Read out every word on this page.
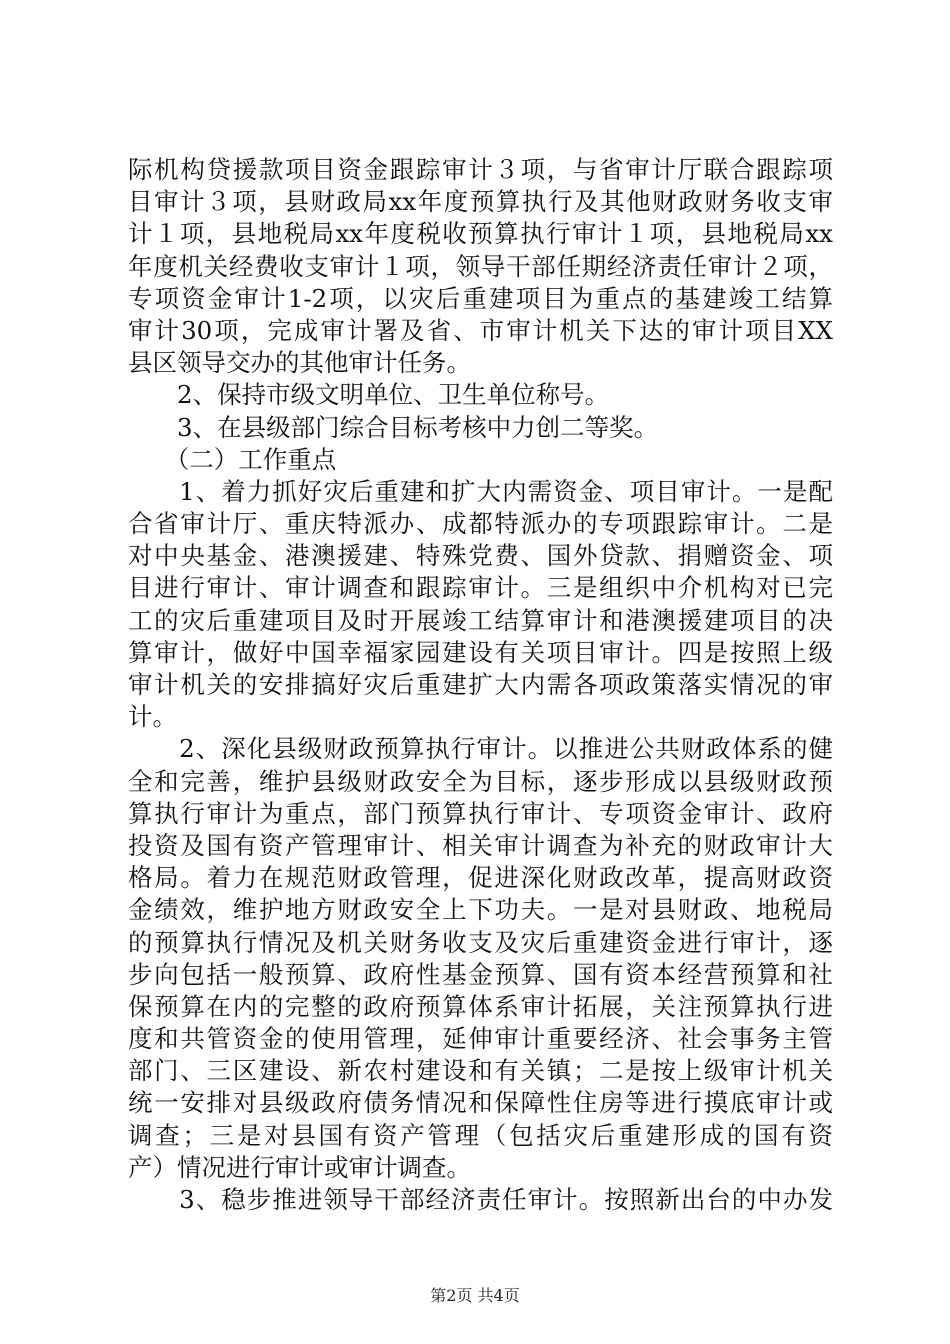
际机构贷援款项目资金跟踪审计３项，与省审计厅联合跟踪项
目审计３项，县财政局xx年度预算执行及其他财政财务收支审
计１项，县地税局xx年度税收预算执行审计１项，县地税局xx
年度机关经费收支审计１项，领导干部任期经济责任审计２项，
专项资金审计1-2项，以灾后重建项目为重点的基建竣工结算
审计30项，完成审计署及省、市审计机关下达的审计项目XX
县区领导交办的其他审计任务。
　　2、保持市级文明单位、卫生单位称号。
　　3、在县级部门综合目标考核中力创二等奖。
　　（二）工作重点
　　1、着力抓好灾后重建和扩大内需资金、项目审计。一是配
合省审计厅、重庆特派办、成都特派办的专项跟踪审计。二是
对中央基金、港澳援建、特殊党费、国外贷款、捐赠资金、项
目进行审计、审计调查和跟踪审计。三是组织中介机构对已完
工的灾后重建项目及时开展竣工结算审计和港澳援建项目的决
算审计，做好中国幸福家园建设有关项目审计。四是按照上级
审计机关的安排搞好灾后重建扩大内需各项政策落实情况的审
计。
　　2、深化县级财政预算执行审计。以推进公共财政体系的健
全和完善，维护县级财政安全为目标，逐步形成以县级财政预
算执行审计为重点，部门预算执行审计、专项资金审计、政府
投资及国有资产管理审计、相关审计调查为补充的财政审计大
格局。着力在规范财政管理，促进深化财政改革，提高财政资
金绩效，维护地方财政安全上下功夫。一是对县财政、地税局
的预算执行情况及机关财务收支及灾后重建资金进行审计，逐
步向包括一般预算、政府性基金预算、国有资本经营预算和社
保预算在内的完整的政府预算体系审计拓展，关注预算执行进
度和共管资金的使用管理，延伸审计重要经济、社会事务主管
部门、三区建设、新农村建设和有关镇；二是按上级审计机关
统一安排对县级政府债务情况和保障性住房等进行摸底审计或
调查；三是对县国有资产管理（包括灾后重建形成的国有资
产）情况进行审计或审计调查。
　　3、稳步推进领导干部经济责任审计。按照新出台的中办发
第2页 共4页
